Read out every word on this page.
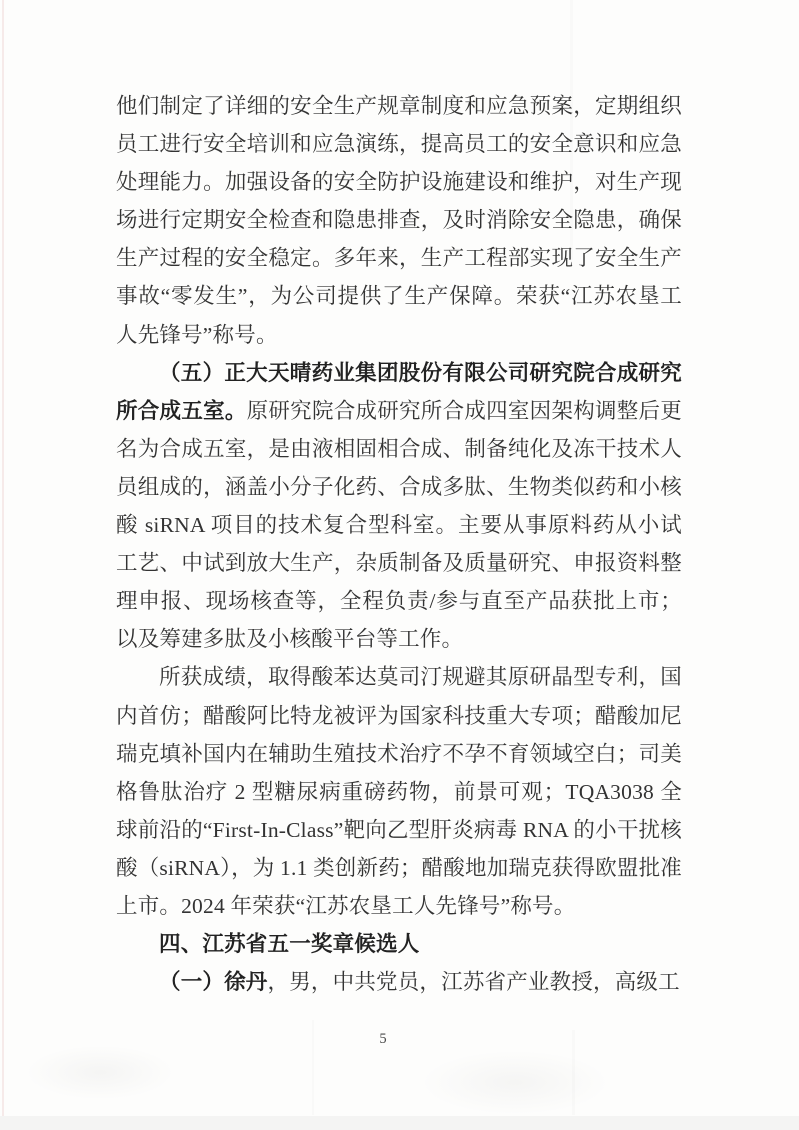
他们制定了详细的安全生产规章制度和应急预案，定期组织员工进行安全培训和应急演练，提高员工的安全意识和应急处理能力。加强设备的安全防护设施建设和维护，对生产现场进行定期安全检查和隐患排查，及时消除安全隐患，确保生产过程的安全稳定。多年来，生产工程部实现了安全生产事故“零发生”，为公司提供了生产保障。荣获“江苏农垦工人先锋号”称号。

（五）正大天晴药业集团股份有限公司研究院合成研究所合成五室。原研究院合成研究所合成四室因架构调整后更名为合成五室，是由液相固相合成、制备纯化及冻干技术人员组成的，涵盖小分子化药、合成多肽、生物类似药和小核酸 siRNA 项目的技术复合型科室。主要从事原料药从小试工艺、中试到放大生产，杂质制备及质量研究、申报资料整理申报、现场核查等，全程负责/参与直至产品获批上市；以及筹建多肽及小核酸平台等工作。

所获成绩，取得酸苯达莫司汀规避其原研晶型专利，国内首仿；醋酸阿比特龙被评为国家科技重大专项；醋酸加尼瑞克填补国内在辅助生殖技术治疗不孕不育领域空白；司美格鲁肽治疗 2 型糖尿病重磅药物，前景可观；TQA3038 全球前沿的“First-In-Class”靶向乙型肝炎病毒 RNA 的小干扰核酸（siRNA），为 1.1 类创新药；醋酸地加瑞克获得欧盟批准上市。2024 年荣获“江苏农垦工人先锋号”称号。

四、江苏省五一奖章候选人

（一）徐丹，男，中共党员，江苏省产业教授，高级工

5
